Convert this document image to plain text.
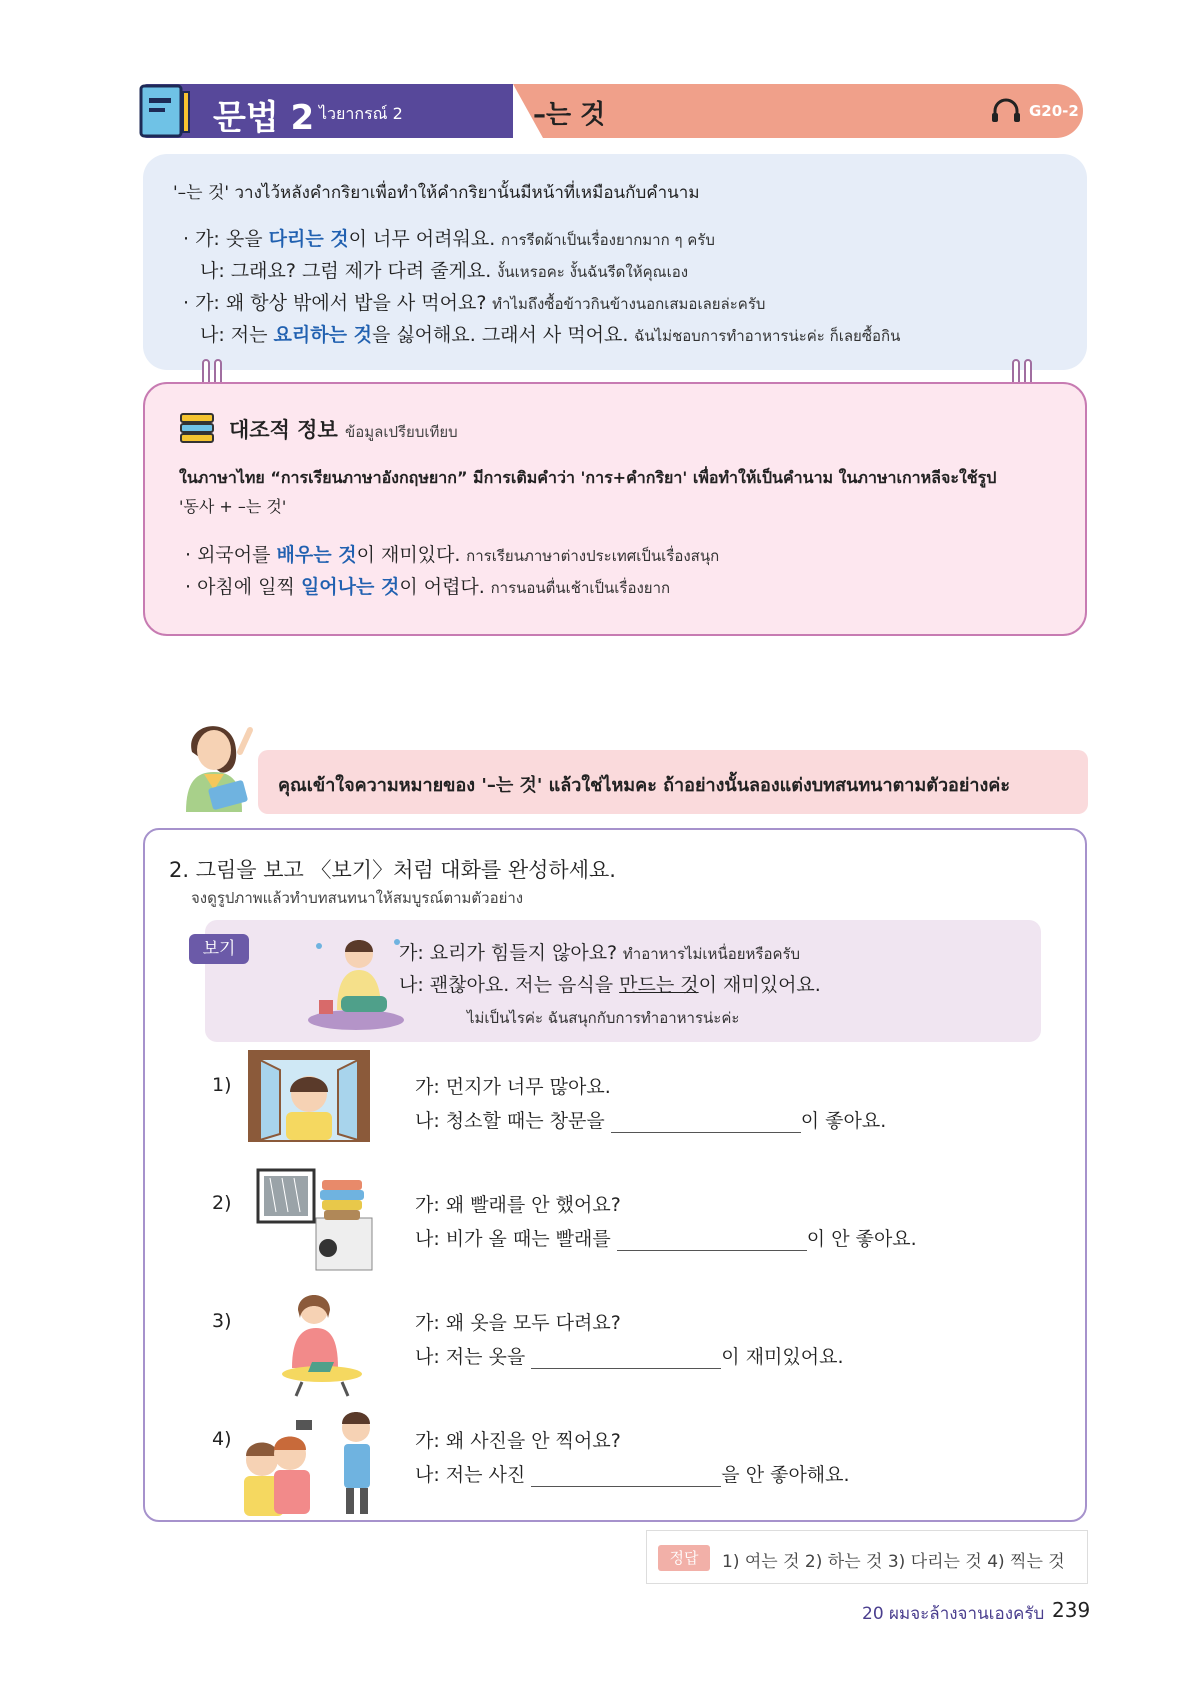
문법 2 ไวยากรณ์ 2	–는 것	G20-2
'–는 것' วางไว้หลังคำกริยาเพื่อทำให้คำกริยานั้นมีหน้าที่เหมือนกับคำนาม
· 가: 옷을 다리는 것이 너무 어려워요. การรีดผ้าเป็นเรื่องยากมาก ๆ ครับ
나: 그래요? 그럼 제가 다려 줄게요. งั้นเหรอคะ งั้นฉันรีดให้คุณเอง
· 가: 왜 항상 밖에서 밥을 사 먹어요? ทำไมถึงซื้อข้าวกินข้างนอกเสมอเลยล่ะครับ
나: 저는 요리하는 것을 싫어해요. 그래서 사 먹어요. ฉันไม่ชอบการทำอาหารน่ะค่ะ ก็เลยซื้อกิน
대조적 정보 ข้อมูลเปรียบเทียบ
ในภาษาไทย “การเรียนภาษาอังกฤษยาก” มีการเติมคำว่า 'การ+คำกริยา' เพื่อทำให้เป็นคำนาม ในภาษาเกาหลีจะใช้รูป
'동사 + –는 것'
· 외국어를 배우는 것이 재미있다. การเรียนภาษาต่างประเทศเป็นเรื่องสนุก
· 아침에 일찍 일어나는 것이 어렵다. การนอนตื่นเช้าเป็นเรื่องยาก
คุณเข้าใจความหมายของ '–는 것' แล้วใช่ไหมคะ ถ้าอย่างนั้นลองแต่งบทสนทนาตามตัวอย่างค่ะ
2. 그림을 보고 〈보기〉처럼 대화를 완성하세요.
จงดูรูปภาพแล้วทำบทสนทนาให้สมบูรณ์ตามตัวอย่าง
가: 요리가 힘들지 않아요? ทำอาหารไม่เหนื่อยหรือครับ
나: 괜찮아요. 저는 음식을 만드는 것이 재미있어요.
ไม่เป็นไรค่ะ ฉันสนุกกับการทำอาหารน่ะค่ะ
보기
1)	가: 먼지가 너무 많아요.
나: 청소할 때는 창문을	이 좋아요.
2)	가: 왜 빨래를 안 했어요?
나: 비가 올 때는 빨래를	이 안 좋아요.
3)	가: 왜 옷을 모두 다려요?
나: 저는 옷을	이 재미있어요.
4)	가: 왜 사진을 안 찍어요?
나: 저는 사진	을 안 좋아해요.
정답	1) 여는 것 2) 하는 것 3) 다리는 것 4) 찍는 것
20 ผมจะล้างจานเองครับ 239
